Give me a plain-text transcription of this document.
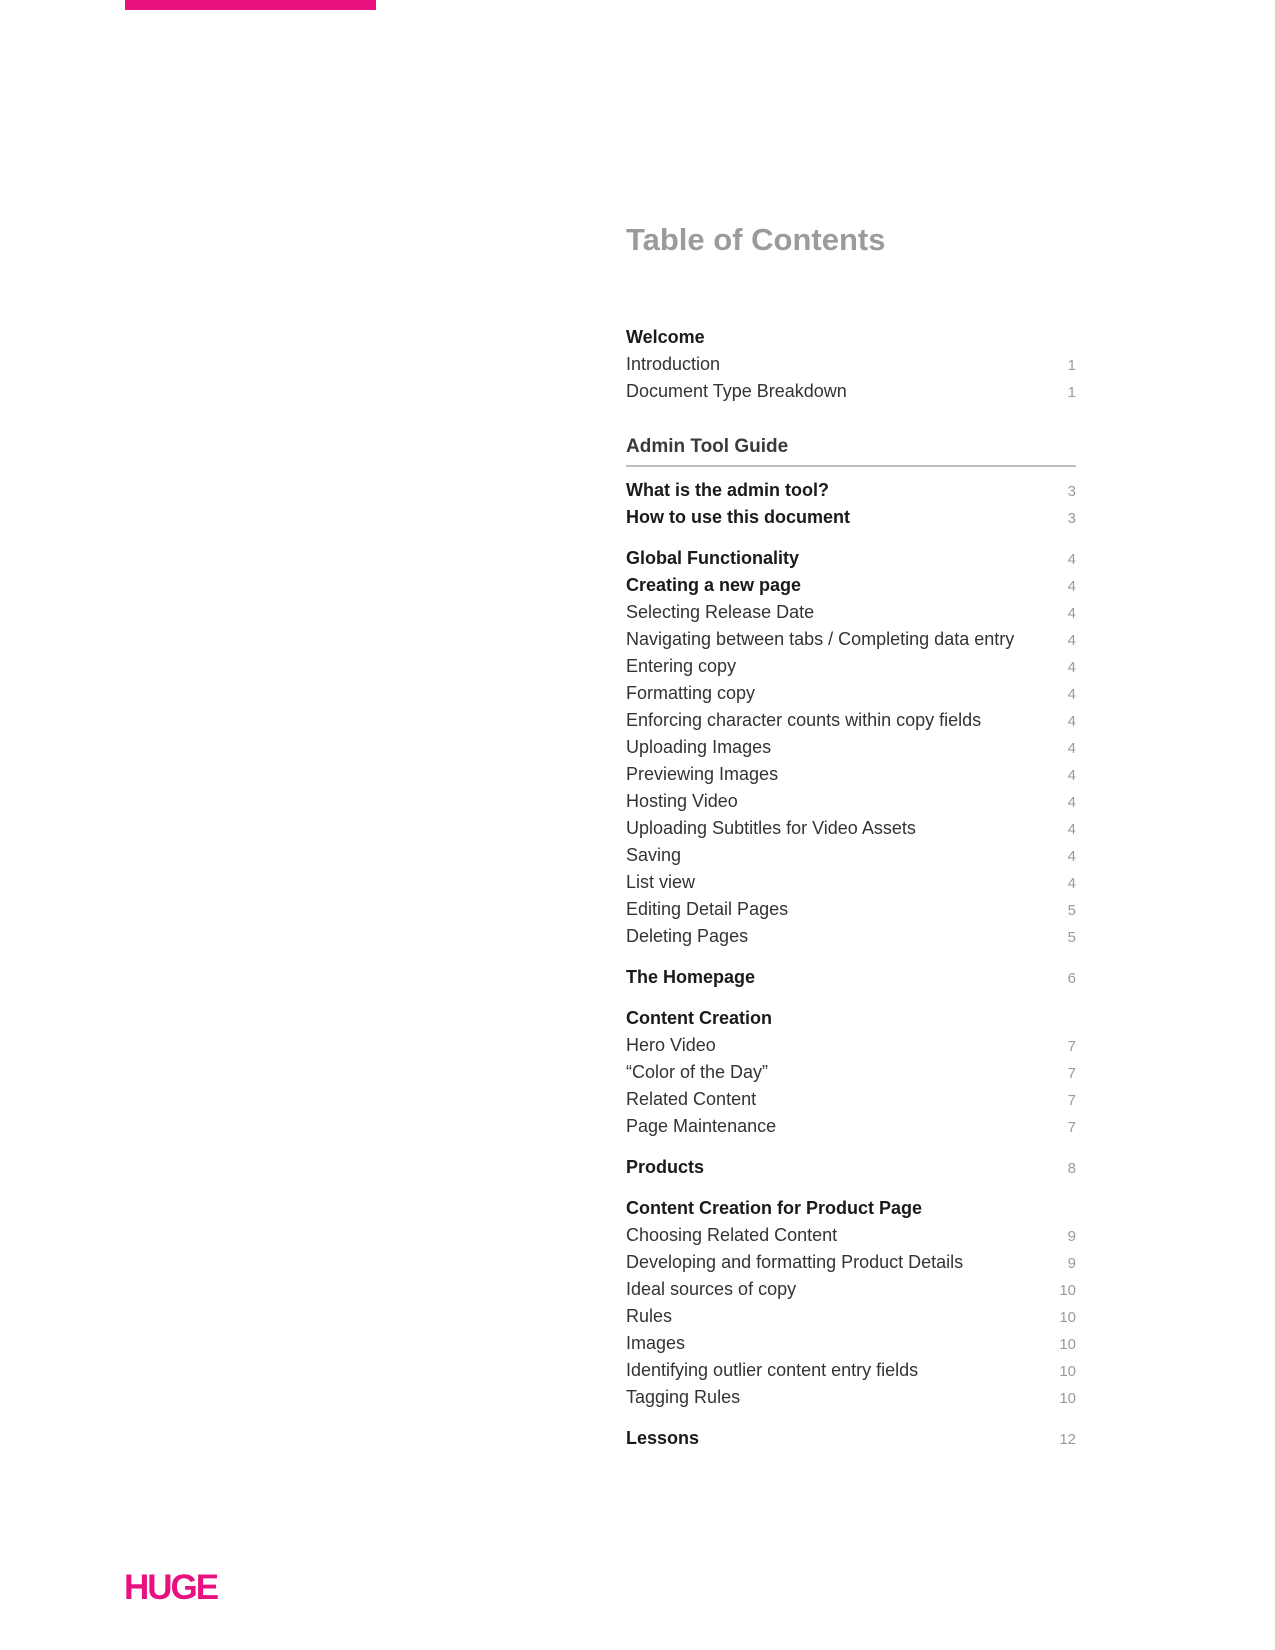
Table of Contents
Welcome
Introduction	1
Document Type Breakdown	1
Admin Tool Guide
What is the admin tool?	3
How to use this document	3
Global Functionality	4
Creating a new page	4
Selecting Release Date	4
Navigating between tabs / Completing data entry	4
Entering copy	4
Formatting copy	4
Enforcing character counts within copy fields	4
Uploading Images	4
Previewing Images	4
Hosting Video	4
Uploading Subtitles for Video Assets	4
Saving	4
List view	4
Editing Detail Pages	5
Deleting Pages	5
The Homepage	6
Content Creation
Hero Video	7
“Color of the Day”	7
Related Content	7
Page Maintenance	7
Products	8
Content Creation for Product Page
Choosing Related Content	9
Developing and formatting Product Details	9
Ideal sources of copy	10
Rules	10
Images	10
Identifying outlier content entry fields	10
Tagging Rules	10
Lessons	12
HUGE
